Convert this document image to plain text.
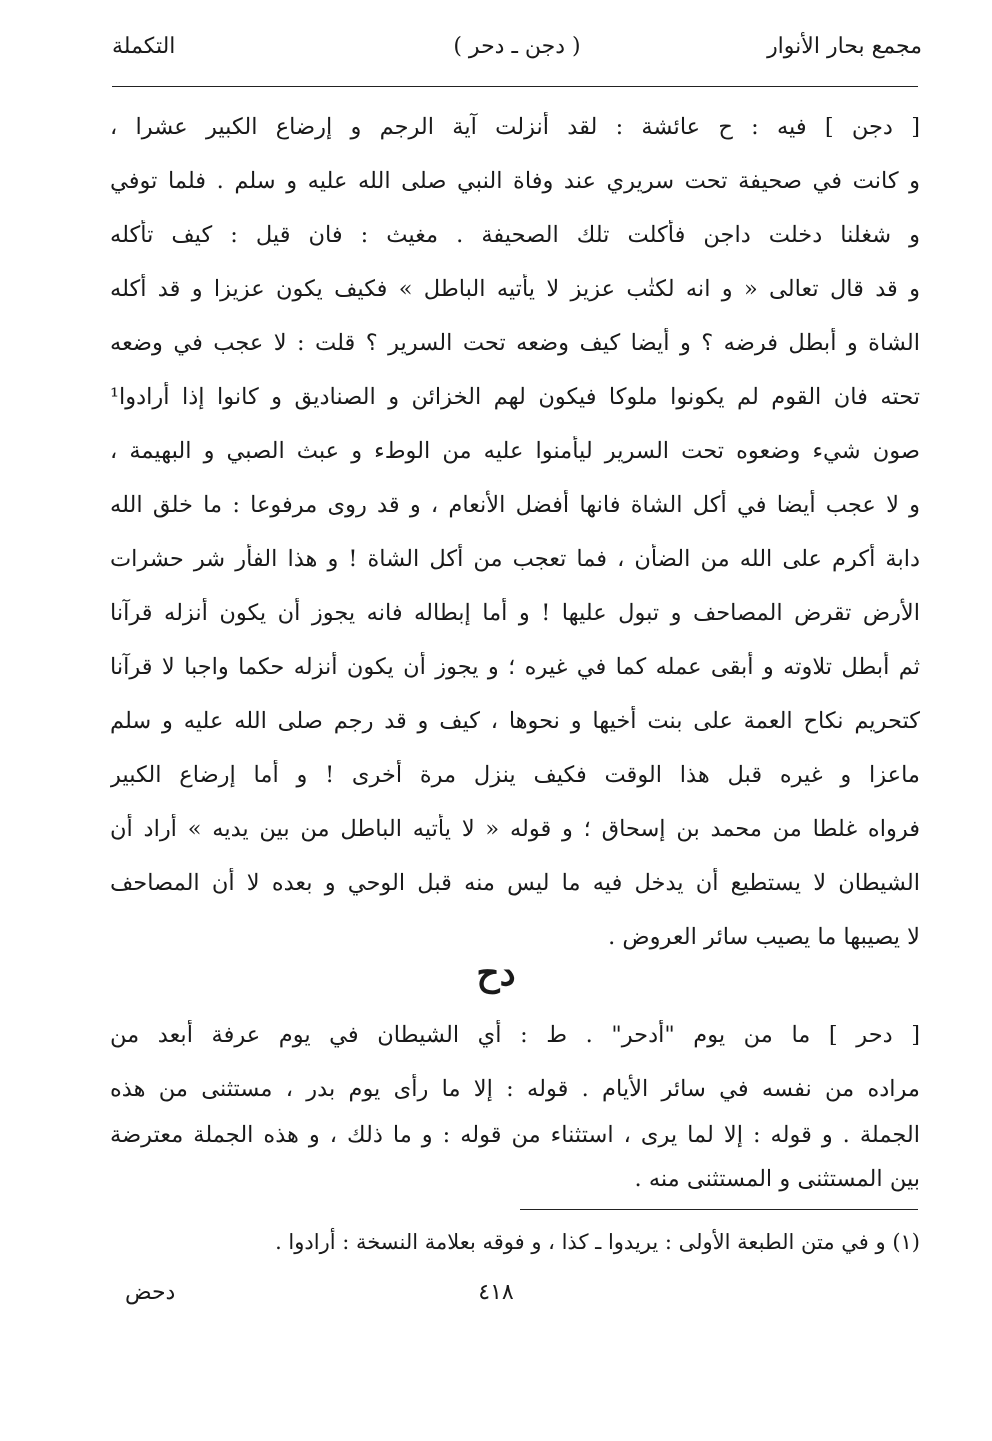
مجمع بحار الأنوار
( دجن ـ دحر )
التكملة
[ دجن ] فيه : ح عائشة : لقد أنزلت آية الرجم و إرضاع الكبير عشرا ،
و كانت في صحيفة تحت سريري عند وفاة النبي صلى الله عليه و سلم . فلما توفي
و شغلنا دخلت داجن فأكلت تلك الصحيفة . مغيث : فان قيل : كيف تأكله
و قد قال تعالى « و انه لكتٰب عزيز لا يأتيه الباطل » فكيف يكون عزيزا و قد أكله
الشاة و أبطل فرضه ؟ و أيضا كيف وضعه تحت السرير ؟ قلت : لا عجب في وضعه
تحته فان القوم لم يكونوا ملوكا فيكون لهم الخزائن و الصناديق و كانوا إذا أرادوا¹
صون شيء وضعوه تحت السرير ليأمنوا عليه من الوطء و عبث الصبي و البهيمة ،
و لا عجب أيضا في أكل الشاة فانها أفضل الأنعام ، و قد روى مرفوعا : ما خلق الله
دابة أكرم على الله من الضأن ، فما تعجب من أكل الشاة ! و هذا الفأر شر حشرات
الأرض تقرض المصاحف و تبول عليها ! و أما إبطاله فانه يجوز أن يكون أنزله قرآنا
ثم أبطل تلاوته و أبقى عمله كما في غيره ؛ و يجوز أن يكون أنزله حكما واجبا لا قرآنا
كتحريم نكاح العمة على بنت أخيها و نحوها ، كيف و قد رجم صلى الله عليه و سلم
ماعزا و غيره قبل هذا الوقت فكيف ينزل مرة أخرى ! و أما إرضاع الكبير
فرواه غلطا من محمد بن إسحاق ؛ و قوله « لا يأتيه الباطل من بين يديه » أراد أن
الشيطان لا يستطيع أن يدخل فيه ما ليس منه قبل الوحي و بعده لا أن المصاحف
لا يصيبها ما يصيب سائر العروض .
دح
[ دحر ] ما من يوم "أدحر" . ط : أي الشيطان في يوم عرفة أبعد من
مراده من نفسه في سائر الأيام . قوله : إلا ما رأى يوم بدر ، مستثنى من هذه
الجملة . و قوله : إلا لما يرى ، استثناء من قوله : و ما ذلك ، و هذه الجملة معترضة
بين المستثنى و المستثنى منه .
(١) و في متن الطبعة الأولى : يريدوا ـ كذا ، و فوقه بعلامة النسخة : أرادوا .
٤١٨
دحض
